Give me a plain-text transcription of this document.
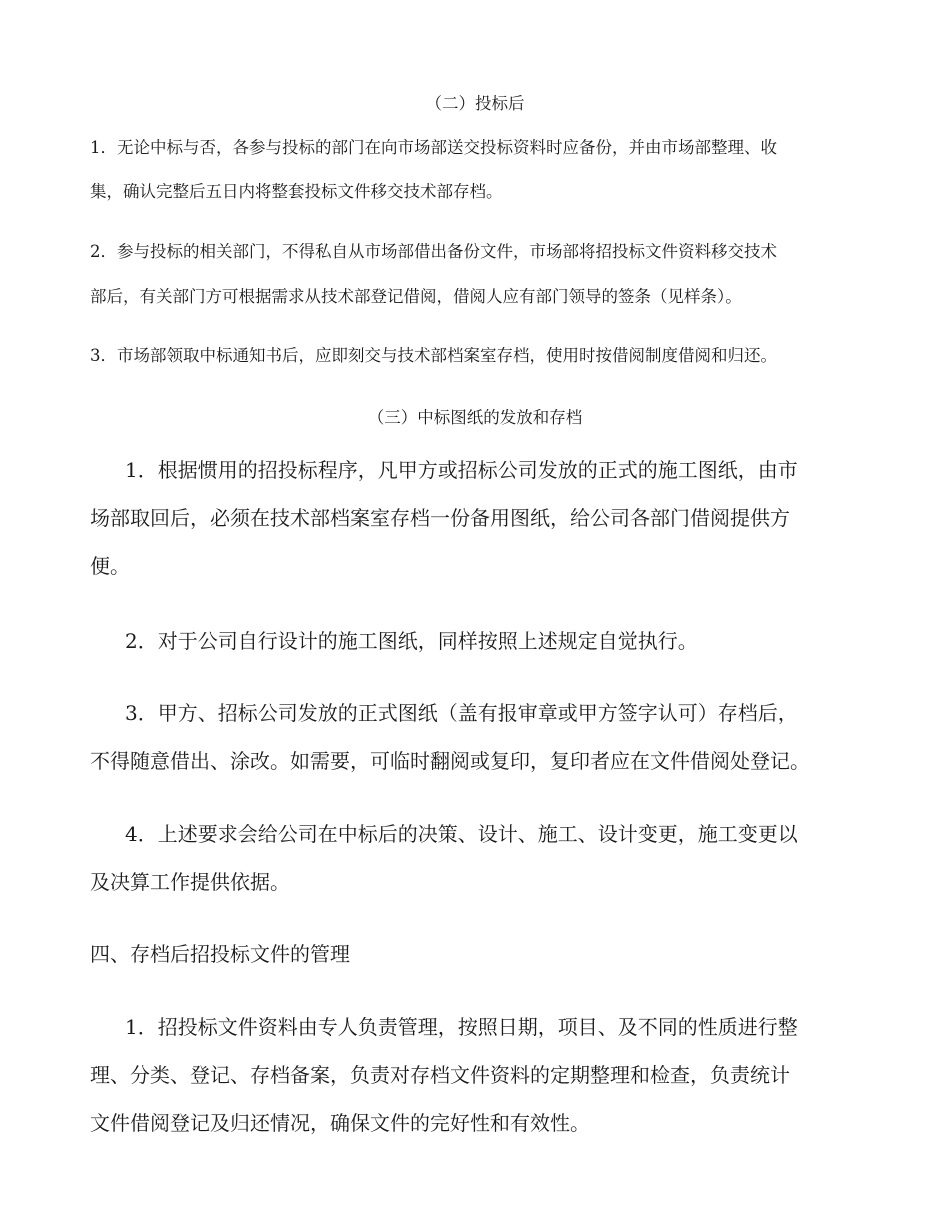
（二）投标后
1．无论中标与否，各参与投标的部门在向市场部送交投标资料时应备份，并由市场部整理、收
集，确认完整后五日内将整套投标文件移交技术部存档。
2．参与投标的相关部门，不得私自从市场部借出备份文件，市场部将招投标文件资料移交技术
部后，有关部门方可根据需求从技术部登记借阅，借阅人应有部门领导的签条（见样条）。
3．市场部领取中标通知书后，应即刻交与技术部档案室存档，使用时按借阅制度借阅和归还。
（三）中标图纸的发放和存档
1．根据惯用的招投标程序，凡甲方或招标公司发放的正式的施工图纸，由市
场部取回后，必须在技术部档案室存档一份备用图纸，给公司各部门借阅提供方
便。
2．对于公司自行设计的施工图纸，同样按照上述规定自觉执行。
3．甲方、招标公司发放的正式图纸（盖有报审章或甲方签字认可）存档后，
不得随意借出、涂改。如需要，可临时翻阅或复印，复印者应在文件借阅处登记。
4．上述要求会给公司在中标后的决策、设计、施工、设计变更，施工变更以
及决算工作提供依据。
四、存档后招投标文件的管理
1．招投标文件资料由专人负责管理，按照日期，项目、及不同的性质进行整
理、分类、登记、存档备案，负责对存档文件资料的定期整理和检查，负责统计
文件借阅登记及归还情况，确保文件的完好性和有效性。
